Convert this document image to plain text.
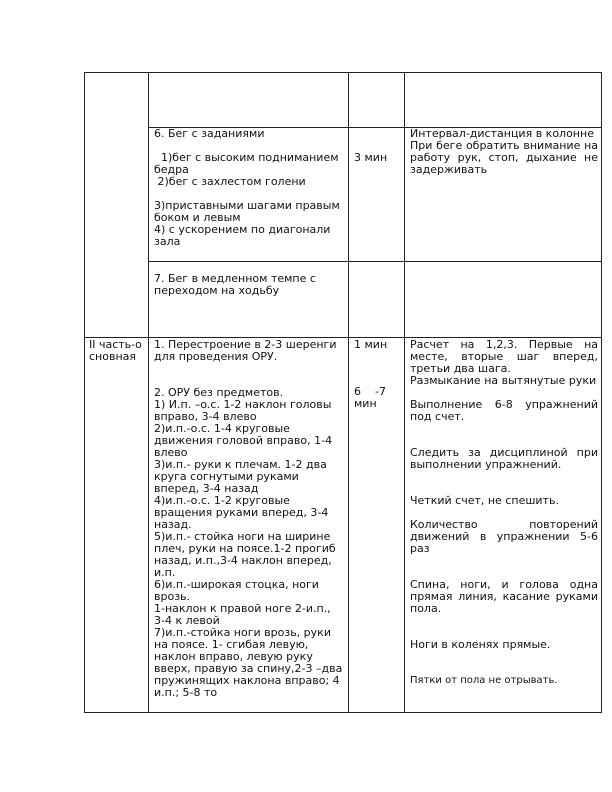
6. Бег с заданиями

1)бег с высоким поднимaнием бедра

2)бег с захлестом голени

3)приставными шагами правым боком и левым

4) с ускорением по диагонали зала

3 мин

Интервал-дистанция в колонне

При беге обратить внимание на работу рук, стоп, дыхание не задерживать

7. Бег в медленном темпе с переходом на ходьбу

II часть-основная

1. Перестроение в 2-3 шеренги для проведения ОРУ.

2. ОРУ без предметов.

1) И.п. –о.с. 1-2 наклон головы вправо, 3-4 влево

2)и.п.-о.с. 1-4 круговые движения головой вправо, 1-4 влево

3)и.п.- руки к плечам. 1-2 два круга согнутыми руками вперед, 3-4 назад

4)и.п.-о.с. 1-2 круговые вращения руками вперед, 3-4 назад.

5)и.п.- стойка ноги на ширине плеч, руки на поясе.1-2 прогиб назад, и.п.,3-4 наклон вперед, и.п.

6)и.п.-широкая стоцка, ноги врозь.

1-наклон к правой ноге 2-и.п., 3-4 к левой

7)и.п.-стойка ноги врозь, руки на поясе. 1- сгибая левую, наклон вправо, левую руку вверх, правую за спину,2-3 –два пружинящих наклона вправо; 4 и.п.; 5-8 то

1 мин

6    -7 мин

Расчет на 1,2,3. Первые на месте, вторые шаг вперед, третьи два шага.

Размыкание на вытянутые руки

Выполнение 6-8 упражнений под счет.

Следить за дисциплиной при выполнении упражнений.

Четкий счет, не спешить.

Количество повторений движений в упражнении 5-6 раз

Спина, ноги, и голова одна прямая линия, касание руками пола.

Ноги в коленях прямые.

Пятки от пола не отрывать.
